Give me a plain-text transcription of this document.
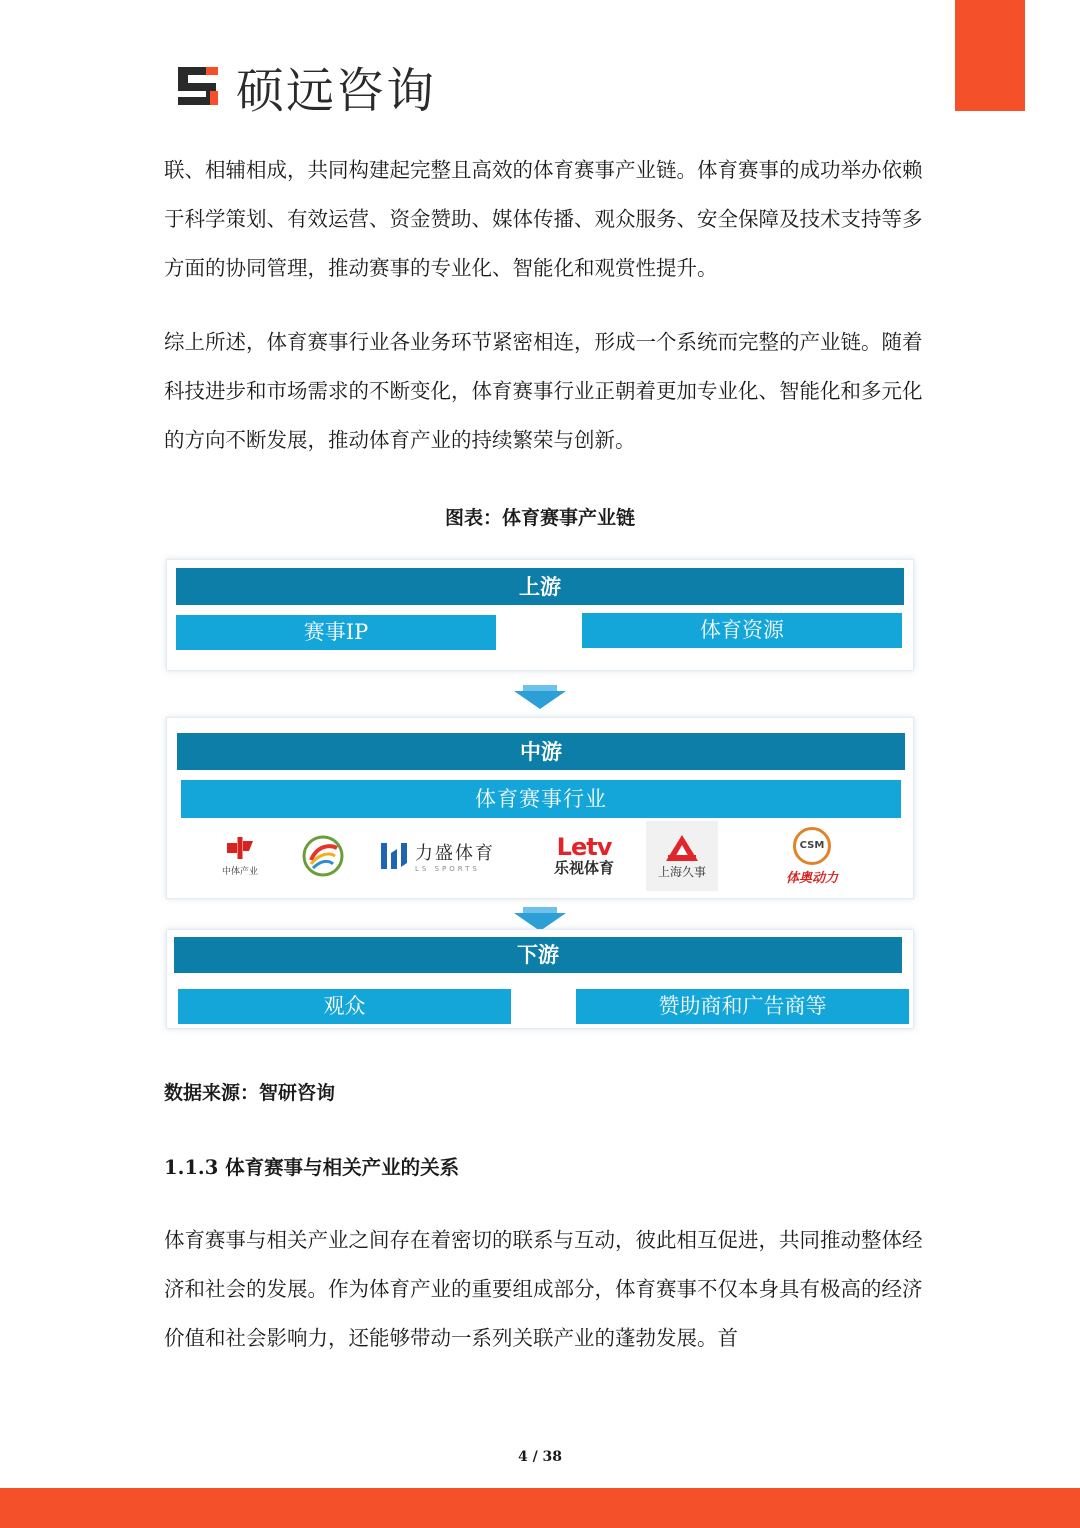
硕远咨询

联、相辅相成，共同构建起完整且高效的体育赛事产业链。体育赛事的成功举办依赖于科学策划、有效运营、资金赞助、媒体传播、观众服务、安全保障及技术支持等多方面的协同管理，推动赛事的专业化、智能化和观赏性提升。

综上所述，体育赛事行业各业务环节紧密相连，形成一个系统而完整的产业链。随着科技进步和市场需求的不断变化，体育赛事行业正朝着更加专业化、智能化和多元化的方向不断发展，推动体育产业的持续繁荣与创新。

图表：体育赛事产业链
上游
赛事IP	体育资源
中游
体育赛事行业
中体产业
力盛体育
LS SPORTS
Letv
乐视体育	上海久事
CSM
体奥动力
下游
观众	赞助商和广告商等
数据来源：智研咨询
1.1.3 体育赛事与相关产业的关系

体育赛事与相关产业之间存在着密切的联系与互动，彼此相互促进，共同推动整体经济和社会的发展。作为体育产业的重要组成部分，体育赛事不仅本身具有极高的经济价值和社会影响力，还能够带动一系列关联产业的蓬勃发展。首

4 / 38
